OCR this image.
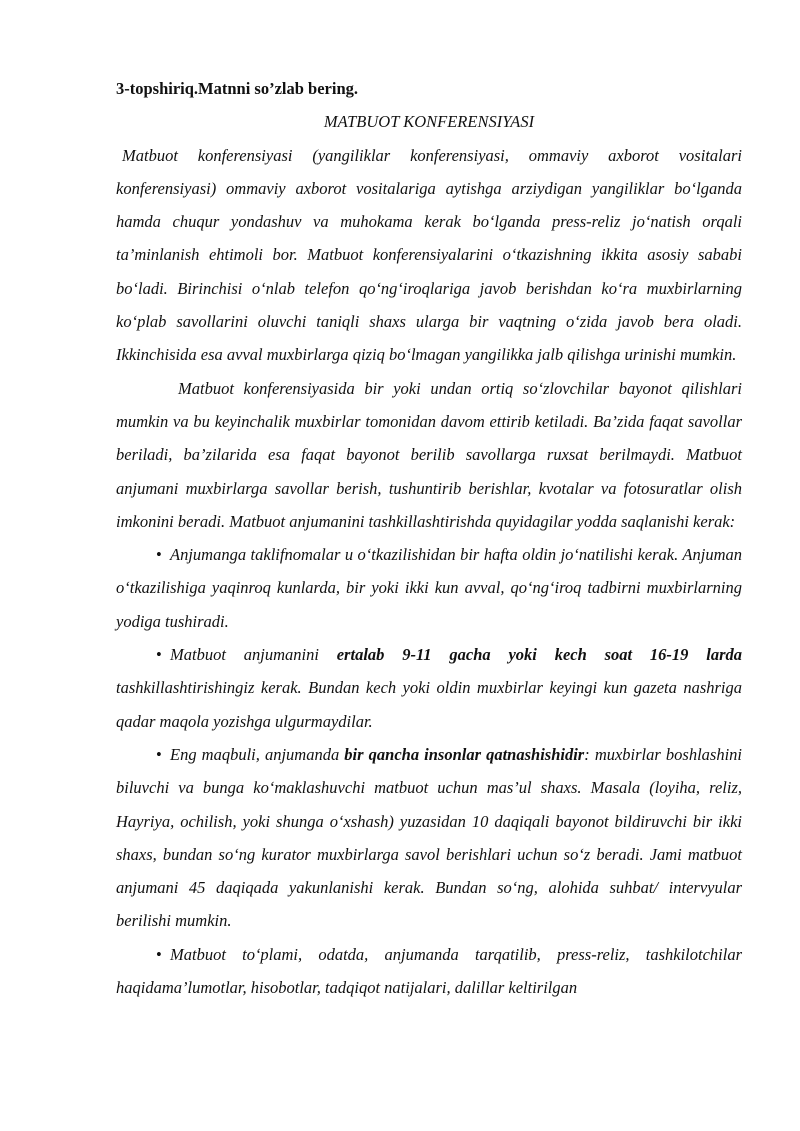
3-topshiriq.Matnni so’zlab bering.

MATBUOT KONFERENSIYASI

Matbuot konferensiyasi (yangiliklar konferensiyasi, ommaviy axborot vositalari konferensiyasi) ommaviy axborot vositalariga aytishga arziydigan yangiliklar bo‘lganda hamda chuqur yondashuv va muhokama kerak bo‘lganda press-reliz jo‘natish orqali ta’minlanish ehtimoli bor. Matbuot konferensiyalarini o‘tkazishning ikkita asosiy sababi bo‘ladi. Birinchisi o‘nlab telefon qo‘ng‘iroqlariga javob berishdan ko‘ra muxbirlarning ko‘plab savollarini oluvchi taniqli shaxs ularga bir vaqtning o‘zida javob bera oladi. Ikkinchisida esa avval muxbirlarga qiziq bo‘lmagan yangilikka jalb qilishga urinishi mumkin.

Matbuot konferensiyasida bir yoki undan ortiq so‘zlovchilar bayonot qilishlari mumkin va bu keyinchalik muxbirlar tomonidan davom ettirib ketiladi. Ba’zida faqat savollar beriladi, ba’zilarida esa faqat bayonot berilib savollarga ruxsat berilmaydi. Matbuot anjumani muxbirlarga savollar berish, tushuntirib berishlar, kvotalar va fotosuratlar olish imkonini beradi. Matbuot anjumanini tashkillashtirishda quyidagilar yodda saqlanishi kerak:

• Anjumanga taklifnomalar u o‘tkazilishidan bir hafta oldin jo‘natilishi kerak. Anjuman o‘tkazilishiga yaqinroq kunlarda, bir yoki ikki kun avval, qo‘ng‘iroq tadbirni muxbirlarning yodiga tushiradi.

• Matbuot anjumanini ertalab 9-11 gacha yoki kech soat 16-19 larda tashkillashtirishingiz kerak. Bundan kech yoki oldin muxbirlar keyingi kun gazeta nashriga qadar maqola yozishga ulgurmaydilar.

• Eng maqbuli, anjumanda bir qancha insonlar qatnashishidir: muxbirlar boshlashini biluvchi va bunga ko‘maklashuvchi matbuot uchun mas’ul shaxs. Masala (loyiha, reliz, Hayriya, ochilish, yoki shunga o‘xshash) yuzasidan 10 daqiqali bayonot bildiruvchi bir ikki shaxs, bundan so‘ng kurator muxbirlarga savol berishlari uchun so‘z beradi. Jami matbuot anjumani 45 daqiqada yakunlanishi kerak. Bundan so‘ng, alohida suhbat/ intervyular berilishi mumkin.

• Matbuot to‘plami, odatda, anjumanda tarqatilib, press-reliz, tashkilotchilar haqidama’lumotlar, hisobotlar, tadqiqot natijalari, dalillar keltirilgan
